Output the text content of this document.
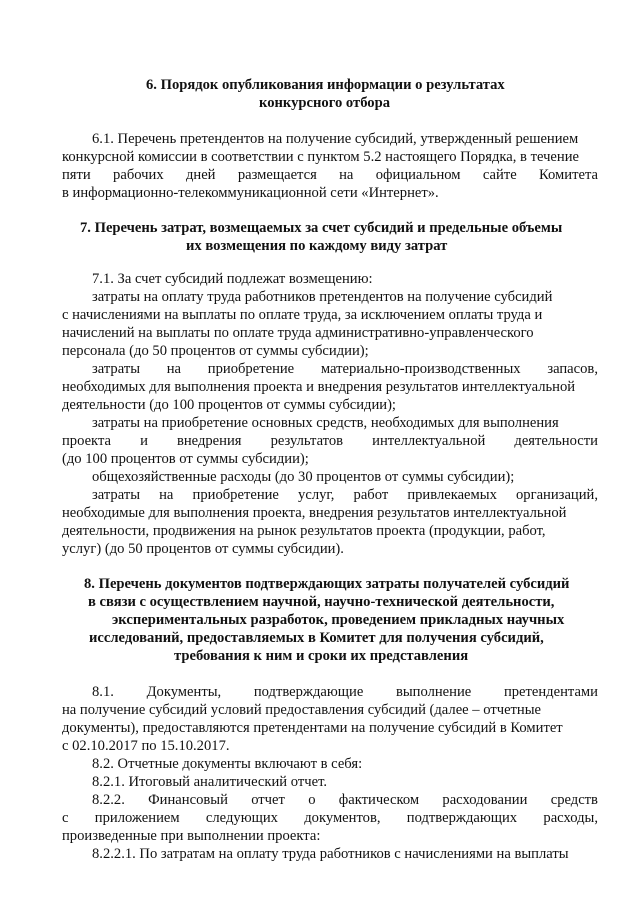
6. Порядок опубликования информации о результатах
конкурсного отбора
6.1. Перечень претендентов на получение субсидий, утвержденный решением
конкурсной комиссии в соответствии с пунктом 5.2 настоящего Порядка, в течение
пяти рабочих дней размещается на официальном сайте Комитета
в информационно-телекоммуникационной сети «Интернет».
7. Перечень затрат, возмещаемых за счет субсидий и предельные объемы
их возмещения по каждому виду затрат
7.1. За счет субсидий подлежат возмещению:
затраты на оплату труда работников претендентов на получение субсидий
с начислениями на выплаты по оплате труда, за исключением оплаты труда и
начислений на выплаты по оплате труда административно-управленческого
персонала (до 50 процентов от суммы субсидии);
затраты на приобретение материально-производственных запасов,
необходимых для выполнения проекта и внедрения результатов интеллектуальной
деятельности (до 100 процентов от суммы субсидии);
затраты на приобретение основных средств, необходимых для выполнения
проекта и внедрения результатов интеллектуальной деятельности
(до 100 процентов от суммы субсидии);
общехозяйственные расходы (до 30 процентов от суммы субсидии);
затраты на приобретение услуг, работ привлекаемых организаций,
необходимые для выполнения проекта, внедрения результатов интеллектуальной
деятельности, продвижения на рынок результатов проекта (продукции, работ,
услуг) (до 50 процентов от суммы субсидии).
8. Перечень документов подтверждающих затраты получателей субсидий
в связи с осуществлением научной, научно-технической деятельности,
экспериментальных разработок, проведением прикладных научных
исследований, предоставляемых в Комитет для получения субсидий,
требования к ним и сроки их представления
8.1. Документы, подтверждающие выполнение претендентами
на получение субсидий условий предоставления субсидий (далее – отчетные
документы), предоставляются претендентами на получение субсидий в Комитет
с 02.10.2017 по 15.10.2017.
8.2. Отчетные документы включают в себя:
8.2.1. Итоговый аналитический отчет.
8.2.2. Финансовый отчет о фактическом расходовании средств
с приложением следующих документов, подтверждающих расходы,
произведенные при выполнении проекта:
8.2.2.1. По затратам на оплату труда работников с начислениями на выплаты
